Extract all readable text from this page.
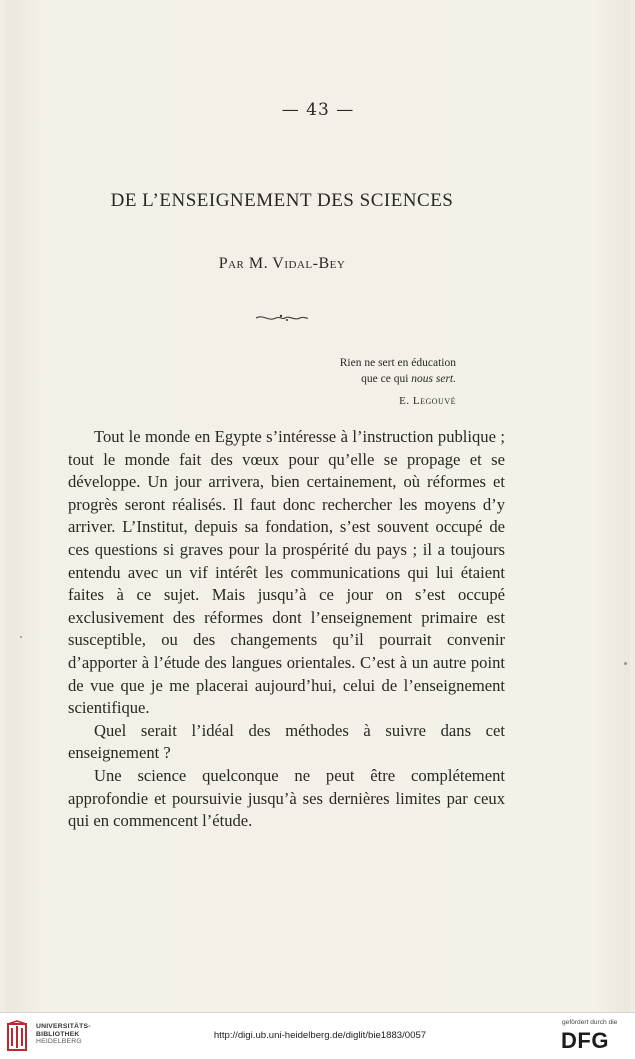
— 43 —
DE L’ENSEIGNEMENT DES SCIENCES
Par M. Vidal-Bey
Rien ne sert en éducation
que ce qui nous sert.
E. Legouvé

Tout le monde en Egypte s’intéresse à l’instruction publique ; tout le monde fait des vœux pour qu’elle se propage et se développe. Un jour arrivera, bien certainement, où réformes et progrès seront réalisés. Il faut donc rechercher les moyens d’y arriver. L’Institut, depuis sa fondation, s’est souvent occupé de ces questions si graves pour la prospérité du pays ; il a toujours entendu avec un vif intérêt les communications qui lui étaient faites à ce sujet. Mais jusqu’à ce jour on s’est occupé exclusivement des réformes dont l’enseignement primaire est susceptible, ou des changements qu’il pourrait convenir d’apporter à l’étude des langues orientales. C’est à un autre point de vue que je me placerai aujourd’hui, celui de l’enseignement scientifique.

Quel serait l’idéal des méthodes à suivre dans cet enseignement ?

Une science quelconque ne peut être complétement approfondie et poursuivie jusqu’à ses dernières limites par ceux qui en commencent l’étude.

UNIVERSITÄTS-
BIBLIOTHEK
HEIDELBERG
http://digi.ub.uni-heidelberg.de/diglit/bie1883/0057
gefördert durch die
DFG
